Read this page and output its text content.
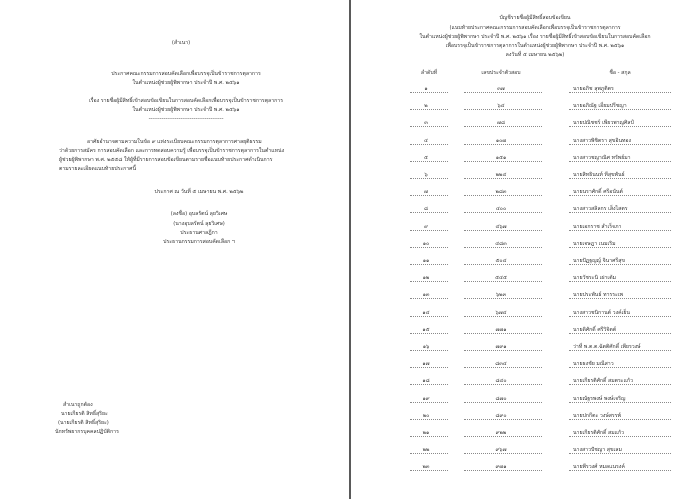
(สำเนา)
ประกาศคณะกรรมการสอบคัดเลือกเพื่อบรรจุเป็นข้าราชการตุลาการ
ในตำแหน่งผู้ช่วยผู้พิพากษา ประจำปี พ.ศ. ๒๕๖๑
เรื่อง รายชื่อผู้มีสิทธิ์เข้าสอบข้อเขียนในการสอบคัดเลือกเพื่อบรรจุเป็นข้าราชการตุลาการ
ในตำแหน่งผู้ช่วยผู้พิพากษา ประจำปี พ.ศ. ๒๕๖๑
----------------------------------------
อาศัยอำนาจตามความในข้อ ๙ แห่งระเบียบคณะกรรมการตุลาการศาลยุติธรรม
ว่าด้วยการสมัคร การสอบคัดเลือก และการทดสอบความรู้ เพื่อบรรจุเป็นข้าราชการตุลาการในตำแหน่ง
ผู้ช่วยผู้พิพากษา พ.ศ. ๒๕๕๘ ให้ผู้ที่มีรายการสอบข้อเขียนตามรายชื่อแนบท้ายประกาศดำเนินการ
ตามรายละเอียดแนบท้ายประกาศนี้
ประกาศ ณ วันที่ ๕ เมษายน พ.ศ. ๒๕๖๒
(ลงชื่อ) อุบลรัตน์ ลุยวิเศษ
(นางอุบลรัตน์ ลุยวิเศษ)
ประธานศาลฎีกา
ประธานกรรมการสอบคัดเลือก ฯ
สำเนาถูกต้อง
นายเกียรติ สิทธิ์สุริยะ
(นายเกียรติ สิทธิ์สุริยะ)
นักทรัพยากรบุคคลปฏิบัติการ
บัญชีรายชื่อผู้มีสิทธิ์สอบข้อเขียน
(แนบท้ายประกาศคณะกรรมการสอบคัดเลือกเพื่อบรรจุเป็นข้าราชการตุลาการ
ในตำแหน่งผู้ช่วยผู้พิพากษา ประจำปี พ.ศ. ๒๕๖๑ เรื่อง รายชื่อผู้มีสิทธิ์เข้าสอบข้อเขียนในการสอบคัดเลือก
เพื่อบรรจุเป็นข้าราชการตุลาการในตำแหน่งผู้ช่วยผู้พิพากษา ประจำปี พ.ศ. ๒๕๖๑
ลงวันที่ ๕ เมษายน ๒๕๖๒)
ลำดับที่	เลขประจำตัวสอบ	ชื่อ - สกุล
๑	๓๗	นายอภิช ลุพภูติตร
๒	๖๔	นายอภิณัฐ เอี่ยมปรีชญา
๓	๗๘	นายปณิชชร์ เพียวพาญศิลป์
๔	๑๐๗	นางสาวพิชิตรา สุขอินทอง
๕	๑๕๑	นางสาวชญาณิศ ทรัพย์มา
๖	๒๒๔	นายสิทธินนท์ ทีสุขพันธ์
๗	๒๘๓	นายนราศักดิ์ ศรีอนันต์
๘	๔๐๐	นางสาวสลิลกร เส็งไสตร
๙	๔๖๗	นายเอกราช สำเร็จภา
๑๐	๔๘๓	นายเจษฎา เนมเริม
๑๑	๕๐๔	นายปัฏฐญญ์ จินาศรีสุข
๑๒	๕๔๕	นายวัชระนิ เผ่าเต้ม
๑๓	๖๒๓	นายประพันธ์ ทารระเพ
๑๔	๖๗๔	นางสาวชนิกานต์ วงค์เย็น
๑๕	๗๗๑	นายดิศักดิ์ ศรีวิจิตต์
๑๖	๗๙๑	ว่าที่ พ.ต.ต.ฉัตติศักดิ์ เพียรวงษ์
๑๗	๘๓๔	นายธงชัย มณีสาว
๑๘	๘๔๐	นายเกียรติศักดิ์ สมตระแก้ว
๑๙	๘๗๐	นายณัฐรพงษ์ พงษ์เจริญ
๒๐	๘๙๐	นายปกกีตะ วงษ์สรรพ์
๒๑	๙๒๒	นายเกียรติศักดิ์ สมแก้ว
๒๒	๙๖๗	นางสาวปัชญา สุขเลม
๒๓	๙๗๑	นายพีรวงศ์ หมลแนรงค์
